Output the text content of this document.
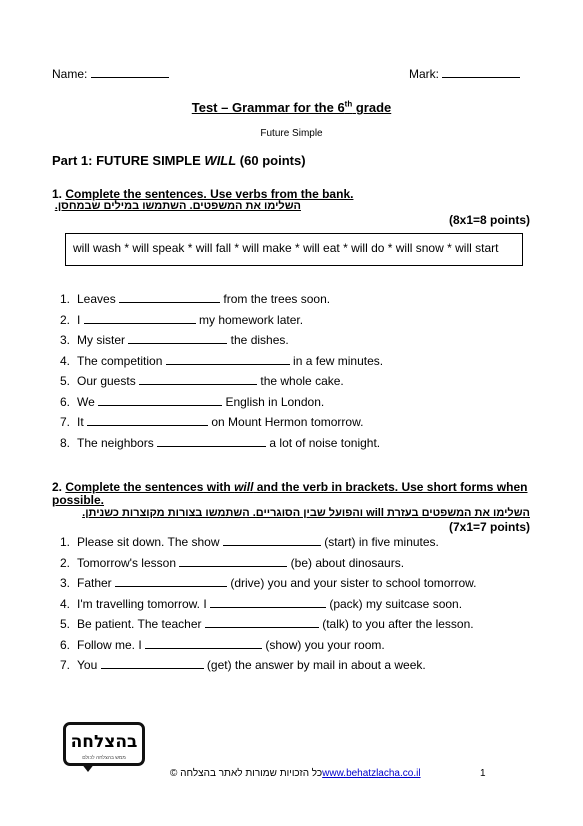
Name:	Mark:
Test – Grammar for the 6th grade
Future Simple
Part 1: FUTURE SIMPLE WILL (60 points)
1. Complete the sentences. Use verbs from the bank.
השלימו את המשפטים. השתמשו במילים שבמחסן.
(8x1=8 points)
will wash * will speak * will fall * will make * will eat * will do * will snow * will start
1. Leaves	from the trees soon.
2. I	my homework later.
3. My sister	the dishes.
4. The competition	in a few minutes.
5. Our guests	the whole cake.
6. We	English in London.
7. It	on Mount Hermon tomorrow.
8. The neighbors	a lot of noise tonight.
2. Complete the sentences with will and the verb in brackets. Use short forms when
possible.
השלימו את המשפטים בעזרת will והפועל שבין הסוגריים. השתמשו בצורות מקוצרות כשניתן.
(7x1=7 points)
1. Please sit down. The show	(start) in five minutes.
2. Tomorrow's lesson	(be) about dinosaurs.
3. Father	(drive) you and your sister to school tomorrow.
4. I'm travelling tomorrow. I	(pack) my suitcase soon.
5. Be patient. The teacher	(talk) to you after the lesson.
6. Follow me. I	(show) you your room.
7. You	(get) the answer by mail in about a week.
בהצלחה
ממש בהצלחה לכולם
כל הזכויות שמורות לאתר בהצלחה ©www.behatzlacha.co.il	1
